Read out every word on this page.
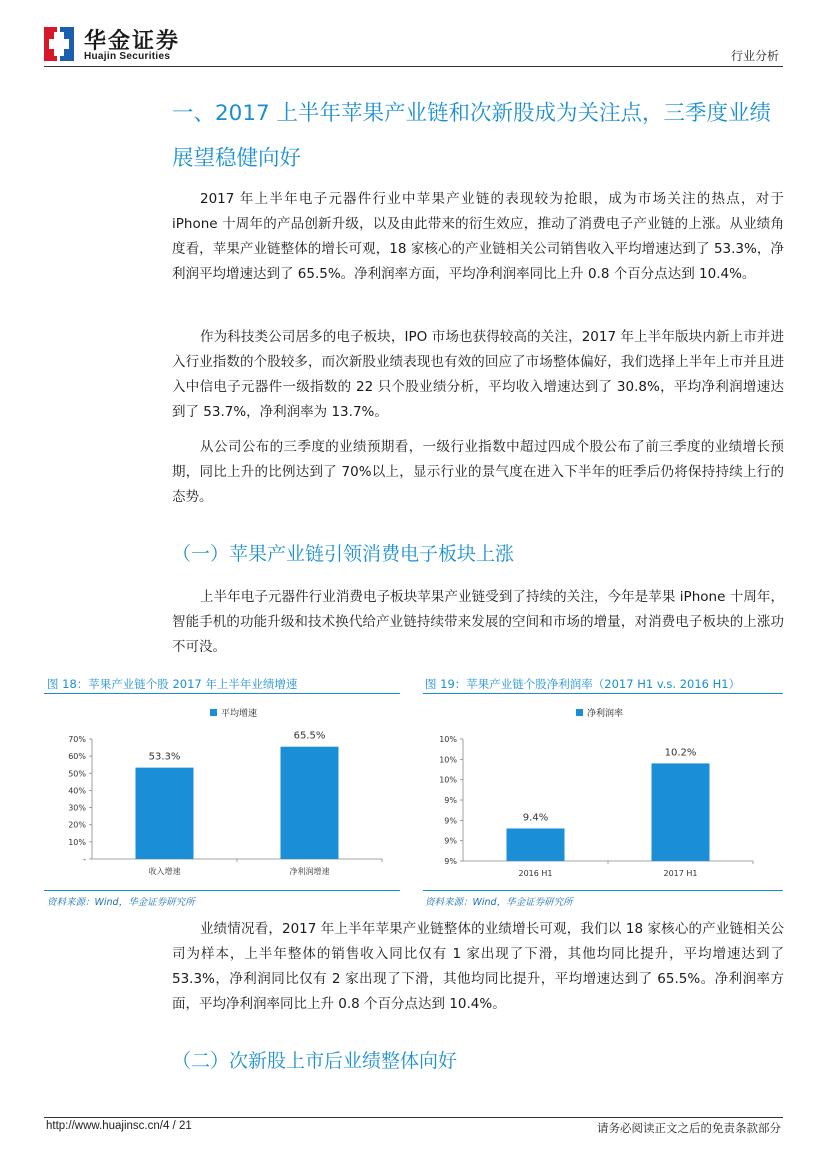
华金证券
Huajin Securities	行业分析
一、2017 上半年苹果产业链和次新股成为关注点，三季度业绩展望稳健向好
2017 年上半年电子元器件行业中苹果产业链的表现较为抢眼，成为市场关注的热点，对于 iPhone 十周年的产品创新升级，以及由此带来的衍生效应，推动了消费电子产业链的上涨。从业绩角度看，苹果产业链整体的增长可观，18 家核心的产业链相关公司销售收入平均增速达到了 53.3%，净利润平均增速达到了 65.5%。净利润率方面，平均净利润率同比上升 0.8 个百分点达到 10.4%。
作为科技类公司居多的电子板块，IPO 市场也获得较高的关注，2017 年上半年版块内新上市并进入行业指数的个股较多，而次新股业绩表现也有效的回应了市场整体偏好，我们选择上半年上市并且进入中信电子元器件一级指数的 22 只个股业绩分析，平均收入增速达到了 30.8%，平均净利润增速达到了 53.7%，净利润率为 13.7%。
从公司公布的三季度的业绩预期看，一级行业指数中超过四成个股公布了前三季度的业绩增长预期，同比上升的比例达到了 70%以上，显示行业的景气度在进入下半年的旺季后仍将保持持续上行的态势。
（一）苹果产业链引领消费电子板块上涨
上半年电子元器件行业消费电子板块苹果产业链受到了持续的关注，今年是苹果 iPhone 十周年，智能手机的功能升级和技术换代给产业链持续带来发展的空间和市场的增量，对消费电子板块的上涨功不可没。
图 18：苹果产业链个股 2017 年上半年业绩增速
平均增速
-
10%
20%
30%
40%
50%
60%
70%
53.3%
收入增速
65.5%
净利润增速
资料来源：Wind，华金证券研究所
图 19：苹果产业链个股净利润率（2017 H1 v.s. 2016 H1）
净利润率
9%
9%
9%
9%
10%
10%
10%
9.4%
2016 H1
10.2%
2017 H1
资料来源：Wind，华金证券研究所
业绩情况看，2017 年上半年苹果产业链整体的业绩增长可观，我们以 18 家核心的产业链相关公司为样本，上半年整体的销售收入同比仅有 1 家出现了下滑，其他均同比提升，平均增速达到了 53.3%，净利润同比仅有 2 家出现了下滑，其他均同比提升，平均增速达到了 65.5%。净利润率方面，平均净利润率同比上升 0.8 个百分点达到 10.4%。
（二）次新股上市后业绩整体向好
http://www.huajinsc.cn/4 / 21	请务必阅读正文之后的免责条款部分
